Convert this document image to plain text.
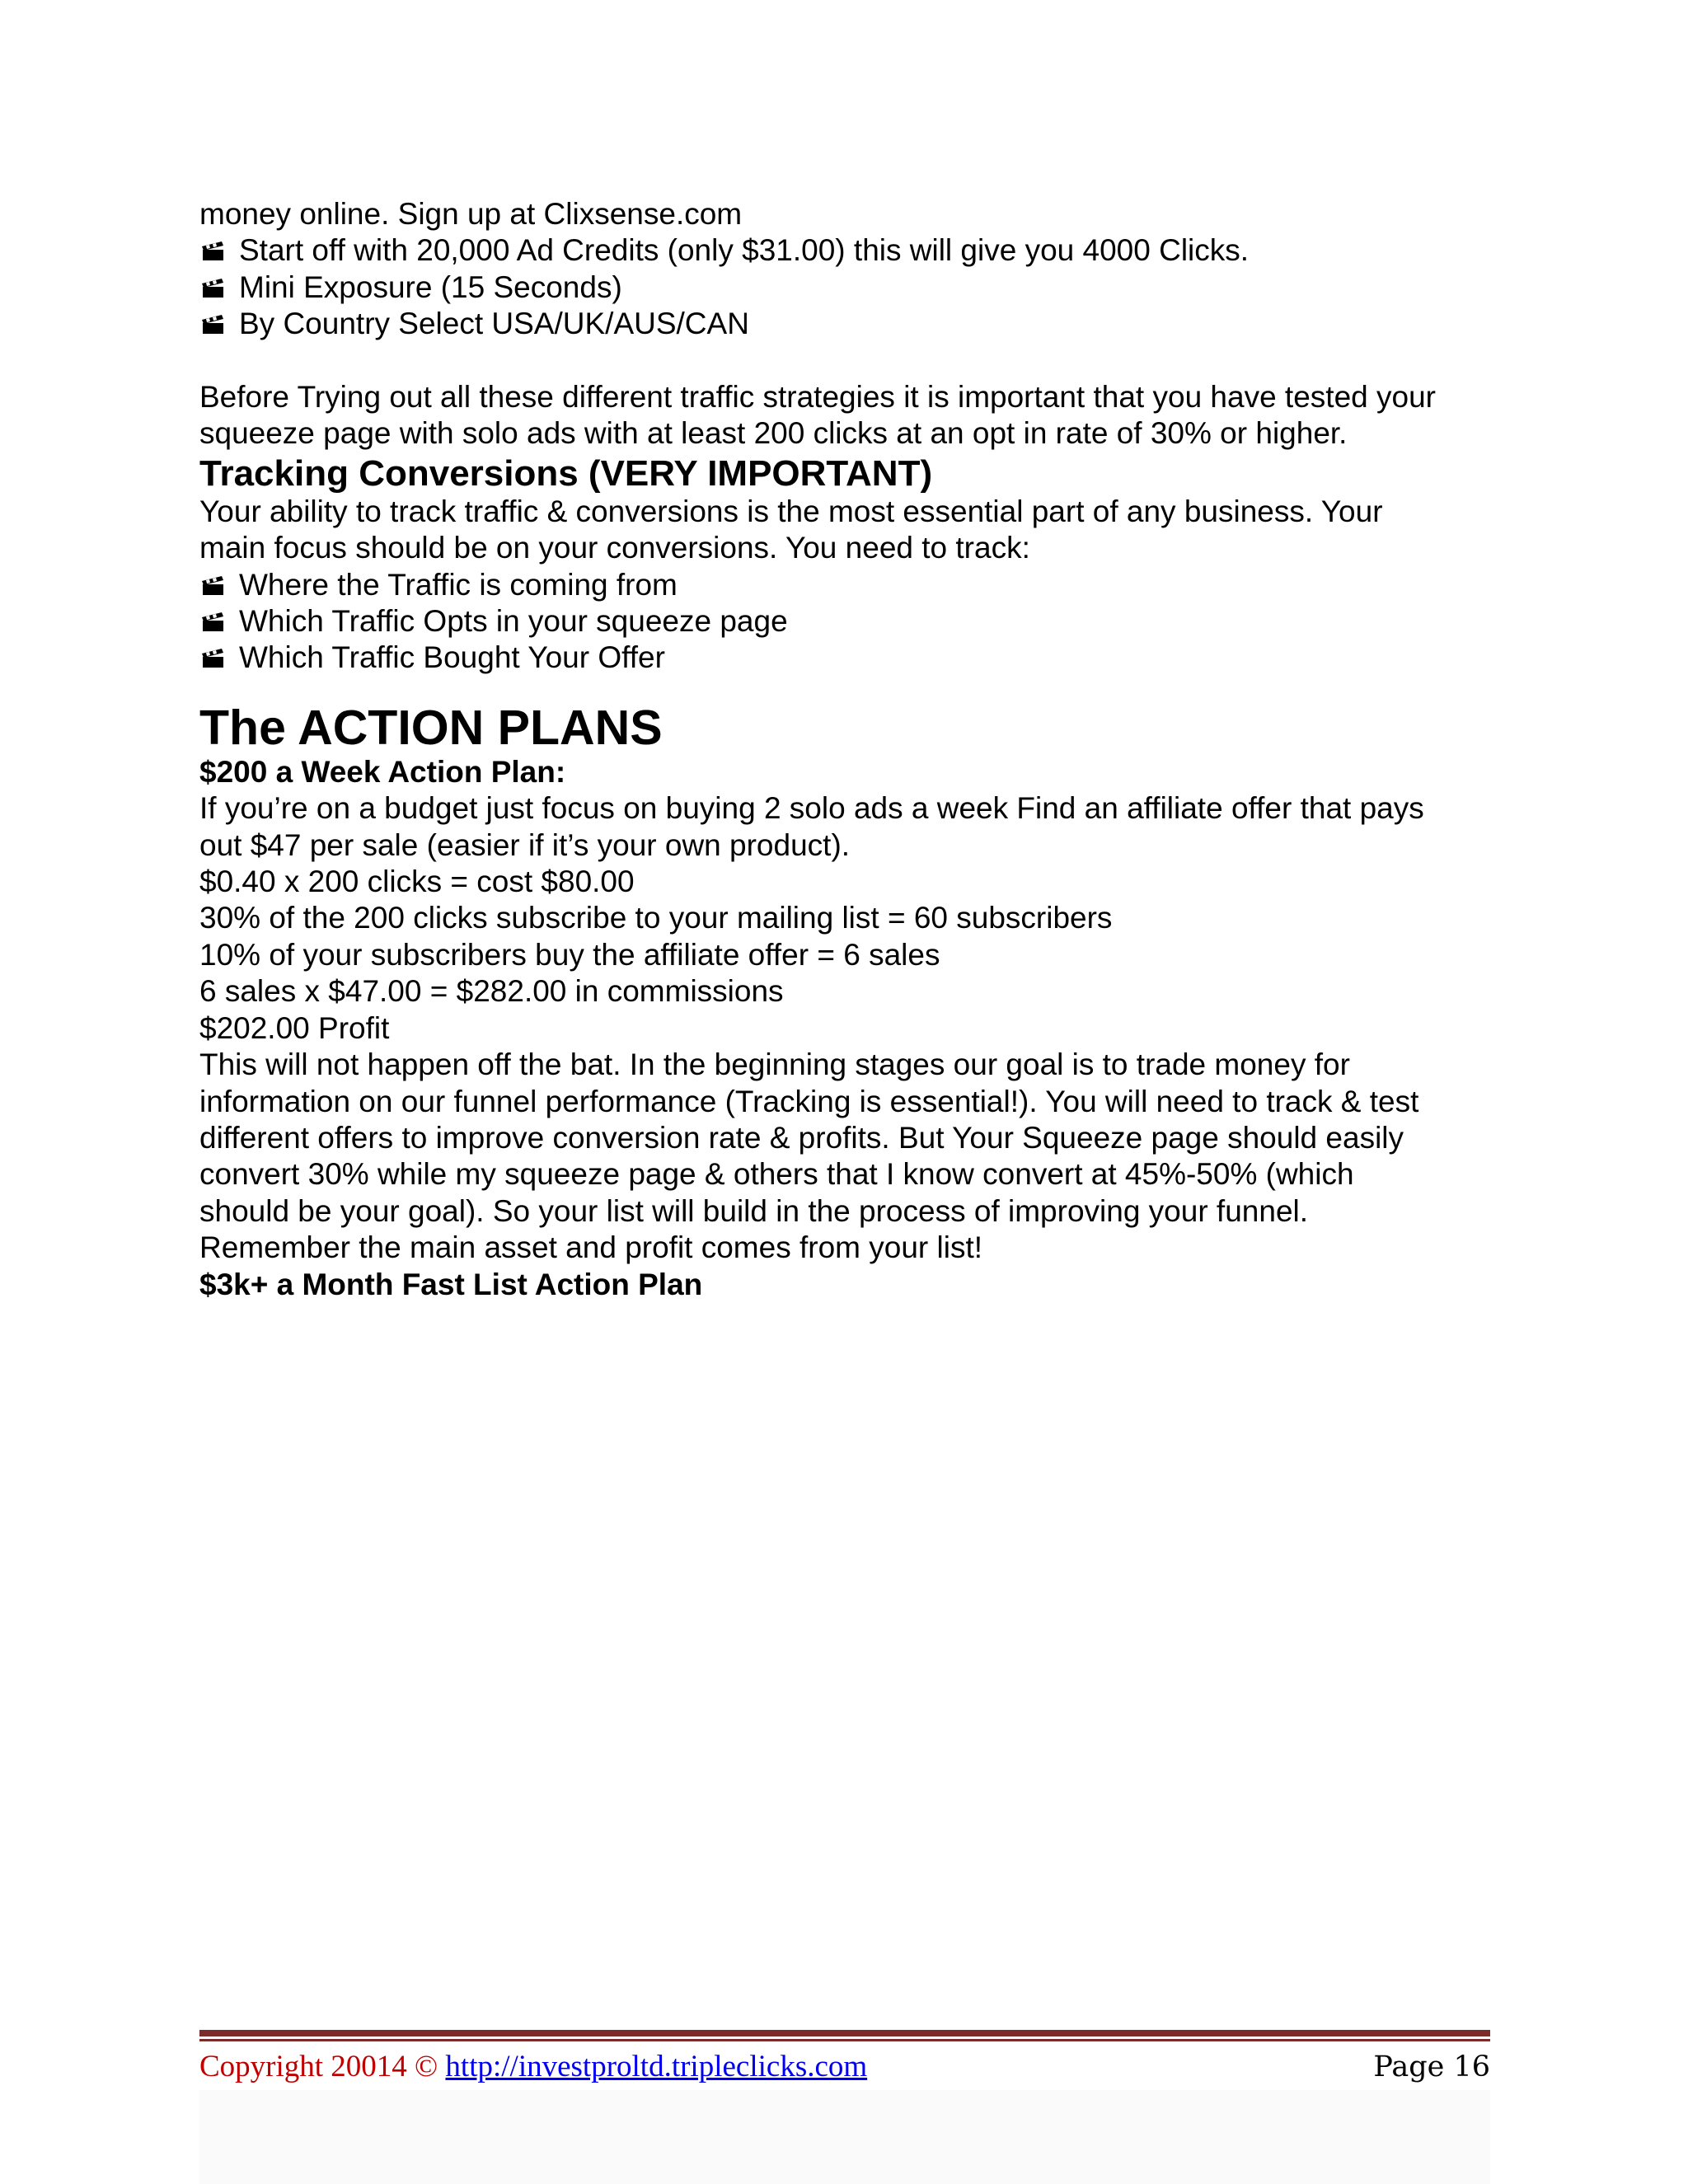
money online. Sign up at Clixsense.com
Start off with 20,000 Ad Credits (only $31.00) this will give you 4000 Clicks.
Mini Exposure (15 Seconds)
By Country Select USA/UK/AUS/CAN
Before Trying out all these different traffic strategies it is important that you have tested your
squeeze page with solo ads with at least 200 clicks at an opt in rate of 30% or higher.
Tracking Conversions (VERY IMPORTANT)
Your ability to track traffic & conversions is the most essential part of any business. Your
main focus should be on your conversions. You need to track:
Where the Traffic is coming from
Which Traffic Opts in your squeeze page
Which Traffic Bought Your Offer
The ACTION PLANS
$200 a Week Action Plan:
If you’re on a budget just focus on buying 2 solo ads a week Find an affiliate offer that pays
out $47 per sale (easier if it’s your own product).
$0.40 x 200 clicks = cost $80.00
30% of the 200 clicks subscribe to your mailing list = 60 subscribers
10% of your subscribers buy the affiliate offer = 6 sales
6 sales x $47.00 = $282.00 in commissions
$202.00 Profit
This will not happen off the bat. In the beginning stages our goal is to trade money for
information on our funnel performance (Tracking is essential!). You will need to track & test
different offers to improve conversion rate & profits. But Your Squeeze page should easily
convert 30% while my squeeze page & others that I know convert at 45%-50% (which
should be your goal). So your list will build in the process of improving your funnel.
Remember the main asset and profit comes from your list!
$3k+ a Month Fast List Action Plan
Copyright 20014 © http://investproltd.tripleclicks.com	Page 16
